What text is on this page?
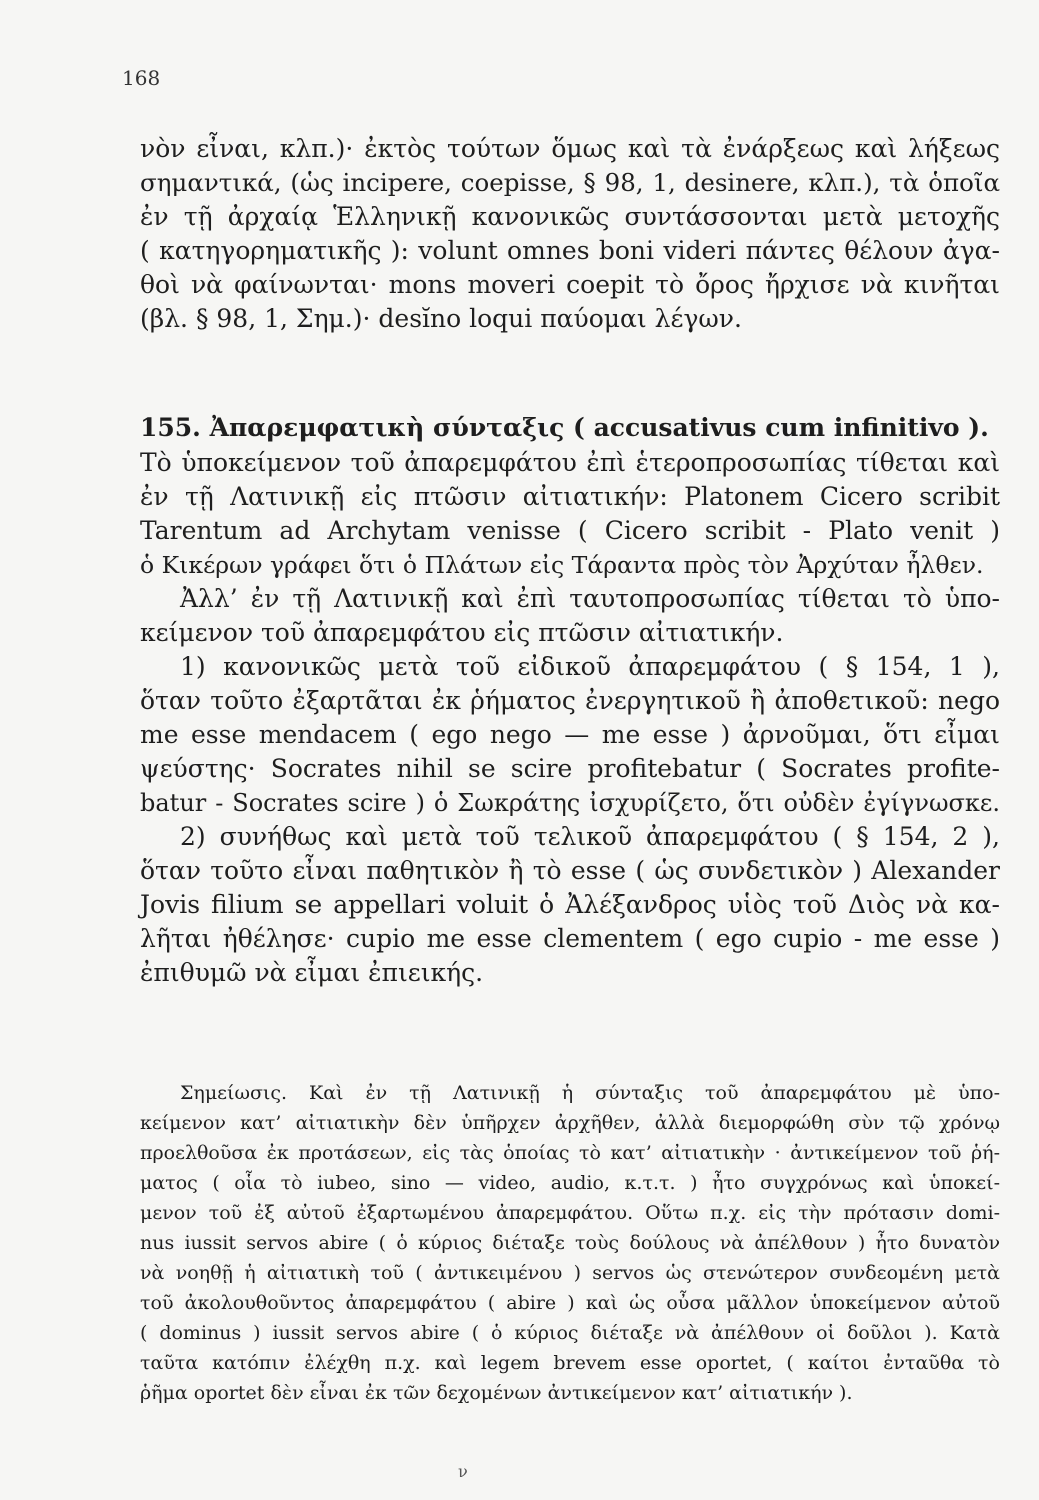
168
νὸν εἶναι, κλπ.)· ἐκτὸς τούτων ὅμως καὶ τὰ ἐνάρξεως καὶ λήξεως
σημαντικά, (ὡς incipere, coepisse, § 98, 1, desinere, κλπ.), τὰ ὁποῖα
ἐν τῇ ἀρχαίᾳ Ἑλληνικῇ κανονικῶς συντάσσονται μετὰ μετοχῆς
( κατηγορηματικῆς ): volunt omnes boni videri πάντες θέλουν ἀγα-
θοὶ νὰ φαίνωνται· mons moveri coepit τὸ ὄρος ἤρχισε νὰ κινῆται
(βλ. § 98, 1, Σημ.)· desĭno loqui παύομαι λέγων.
155. Ἀπαρεμφατικὴ σύνταξις ( accusativus cum infinitivo ).
Τὸ ὑποκείμενον τοῦ ἀπαρεμφάτου ἐπὶ ἑτεροπροσωπίας τίθεται καὶ
ἐν τῇ Λατινικῇ εἰς πτῶσιν αἰτιατικήν: Platonem Cicero scribit
Tarentum ad Archytam venisse ( Cicero scribit - Plato venit )
ὁ Κικέρων γράφει ὅτι ὁ Πλάτων εἰς Τάραντα πρὸς τὸν Ἀρχύταν ἦλθεν.
Ἀλλ’ ἐν τῇ Λατινικῇ καὶ ἐπὶ ταυτοπροσωπίας τίθεται τὸ ὑπο-
κείμενον τοῦ ἀπαρεμφάτου εἰς πτῶσιν αἰτιατικήν.
1) κανονικῶς μετὰ τοῦ εἰδικοῦ ἀπαρεμφάτου ( § 154, 1 ),
ὅταν τοῦτο ἐξαρτᾶται ἐκ ῥήματος ἐνεργητικοῦ ἢ ἀποθετικοῦ: nego
me esse mendacem ( ego nego — me esse ) ἀρνοῦμαι, ὅτι εἶμαι
ψεύστης· Socrates nihil se scire profitebatur ( Socrates profite-
batur - Socrates scire ) ὁ Σωκράτης ἰσχυρίζετο, ὅτι οὐδὲν ἐγίγνωσκε.
2) συνήθως καὶ μετὰ τοῦ τελικοῦ ἀπαρεμφάτου ( § 154, 2 ),
ὅταν τοῦτο εἶναι παθητικὸν ἢ τὸ esse ( ὡς συνδετικὸν ) Alexander
Jovis filium se appellari voluit ὁ Ἀλέξανδρος υἱὸς τοῦ Διὸς νὰ κα-
λῆται ἠθέλησε· cupio me esse clementem ( ego cupio - me esse )
ἐπιθυμῶ νὰ εἶμαι ἐπιεικής.
Σημείωσις. Καὶ ἐν τῇ Λατινικῇ ἡ σύνταξις τοῦ ἀπαρεμφάτου μὲ ὑπο-
κείμενον κατ’ αἰτιατικὴν δὲν ὑπῆρχεν ἀρχῆθεν, ἀλλὰ διεμορφώθη σὺν τῷ χρόνῳ
προελθοῦσα ἐκ προτάσεων, εἰς τὰς ὁποίας τὸ κατ’ αἰτιατικὴν · ἀντικείμενον τοῦ ῥή-
ματος ( οἷα τὸ iubeo, sino — video, audio, κ.τ.τ. ) ἦτο συγχρόνως καὶ ὑποκεί-
μενον τοῦ ἐξ αὐτοῦ ἐξαρτωμένου ἀπαρεμφάτου. Οὕτω π.χ. εἰς τὴν πρότασιν domi-
nus iussit servos abire ( ὁ κύριος διέταξε τοὺς δούλους νὰ ἀπέλθουν ) ἦτο δυνατὸν
νὰ νοηθῇ ἡ αἰτιατικὴ τοῦ ( ἀντικειμένου ) servos ὡς στενώτερον συνδεομένη μετὰ
τοῦ ἀκολουθοῦντος ἀπαρεμφάτου ( abire ) καὶ ὡς οὖσα μᾶλλον ὑποκείμενον αὐτοῦ
( dominus ) iussit servos abire ( ὁ κύριος διέταξε νὰ ἀπέλθουν οἱ δοῦλοι ). Κατὰ
ταῦτα κατόπιν ἐλέχθη π.χ. καὶ legem brevem esse oportet, ( καίτοι ἐνταῦθα τὸ
ῥῆμα oportet δὲν εἶναι ἐκ τῶν δεχομένων ἀντικείμενον κατ’ αἰτιατικήν ).
ν
